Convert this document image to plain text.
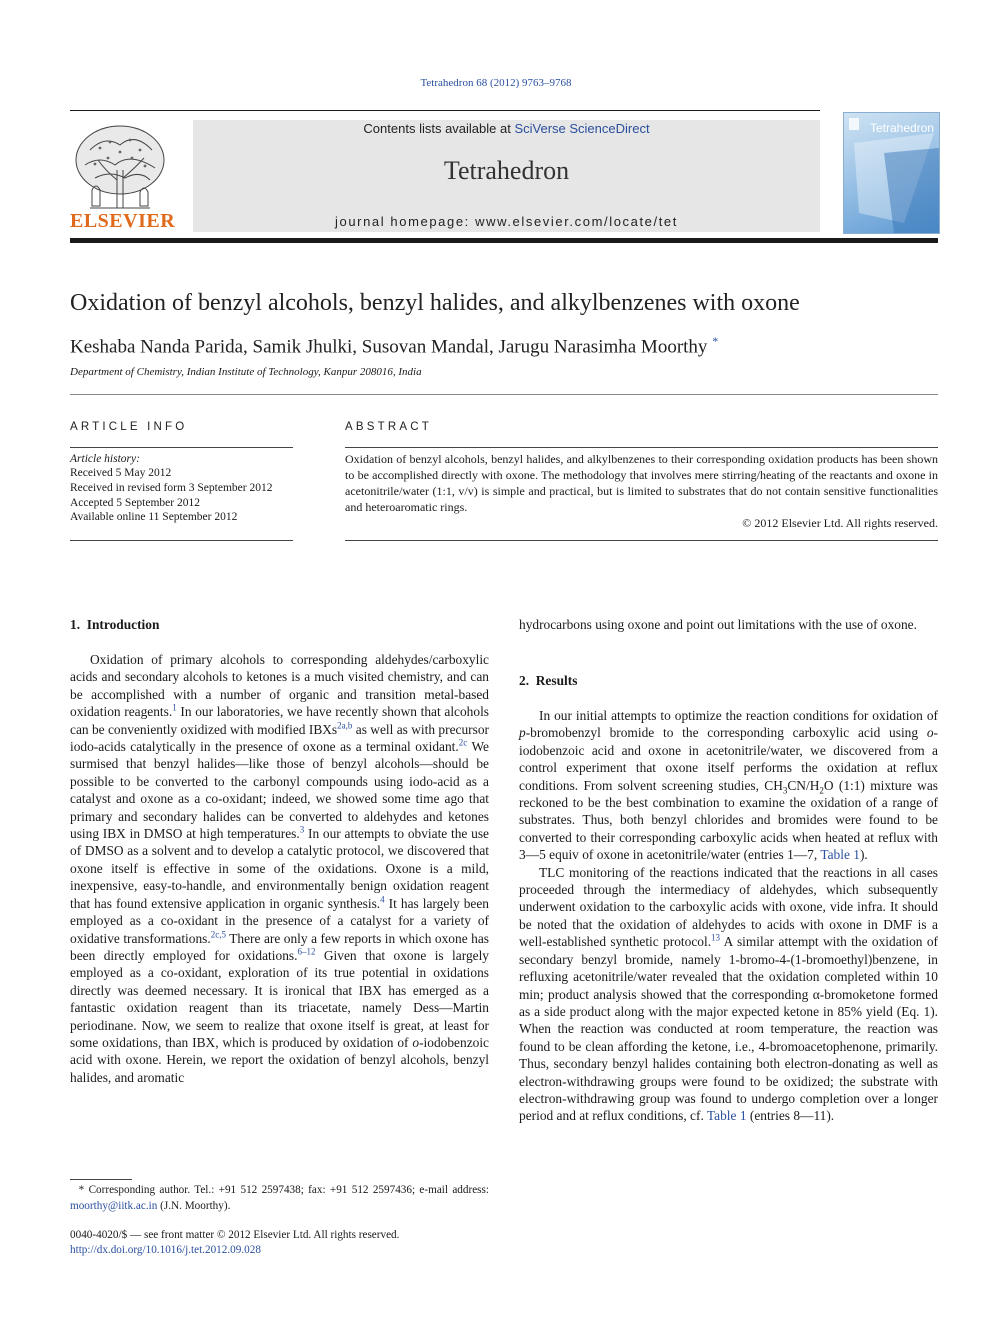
Tetrahedron 68 (2012) 9763–9768
ELSEVIER
Contents lists available at SciVerse ScienceDirect
Tetrahedron
journal homepage: www.elsevier.com/locate/tet
Tetrahedron
Oxidation of benzyl alcohols, benzyl halides, and alkylbenzenes with oxone
Keshaba Nanda Parida, Samik Jhulki, Susovan Mandal, Jarugu Narasimha Moorthy *
Department of Chemistry, Indian Institute of Technology, Kanpur 208016, India
ARTICLE INFO
Article history:
Received 5 May 2012
Received in revised form 3 September 2012
Accepted 5 September 2012
Available online 11 September 2012
ABSTRACT
Oxidation of benzyl alcohols, benzyl halides, and alkylbenzenes to their corresponding oxidation products has been shown to be accomplished directly with oxone. The methodology that involves mere stirring/heating of the reactants and oxone in acetonitrile/water (1:1, v/v) is simple and practical, but is limited to substrates that do not contain sensitive functionalities and heteroaromatic rings.
© 2012 Elsevier Ltd. All rights reserved.
1. Introduction

Oxidation of primary alcohols to corresponding aldehydes/carboxylic acids and secondary alcohols to ketones is a much visited chemistry, and can be accomplished with a number of organic and transition metal-based oxidation reagents.$^1$ In our laboratories, we have recently shown that alcohols can be conveniently oxidized with modified IBXs$^{2a,b}$ as well as with precursor iodo-acids catalytically in the presence of oxone as a terminal oxidant.$^{2c}$ We surmised that benzyl halides—like those of benzyl alcohols—should be possible to be converted to the carbonyl compounds using iodo-acid as a catalyst and oxone as a co-oxidant; indeed, we showed some time ago that primary and secondary halides can be converted to aldehydes and ketones using IBX in DMSO at high temperatures.$^3$ In our attempts to obviate the use of DMSO as a solvent and to develop a catalytic protocol, we discovered that oxone itself is effective in some of the oxidations. Oxone is a mild, inexpensive, easy-to-handle, and environmentally benign oxidation reagent that has found extensive application in organic synthesis.$^4$ It has largely been employed as a co-oxidant in the presence of a catalyst for a variety of oxidative transformations.$^{2c,5}$ There are only a few reports in which oxone has been directly employed for oxidations.$^{6-12}$ Given that oxone is largely employed as a co-oxidant, exploration of its true potential in oxidations directly was deemed necessary. It is ironical that IBX has emerged as a fantastic oxidation reagent than its triacetate, namely Dess—Martin periodinane. Now, we seem to realize that oxone itself is great, at least for some oxidations, than IBX, which is produced by oxidation of o-iodobenzoic acid with oxone. Herein, we report the oxidation of benzyl alcohols, benzyl halides, and aromatic

hydrocarbons using oxone and point out limitations with the use of oxone.

2. Results

In our initial attempts to optimize the reaction conditions for oxidation of p-bromobenzyl bromide to the corresponding carboxylic acid using o-iodobenzoic acid and oxone in acetonitrile/water, we discovered from a control experiment that oxone itself performs the oxidation at reflux conditions. From solvent screening studies, $CH_3CN/H_2O$ (1:1) mixture was reckoned to be the best combination to examine the oxidation of a range of substrates. Thus, both benzyl chlorides and bromides were found to be converted to their corresponding carboxylic acids when heated at reflux with 3—5 equiv of oxone in acetonitrile/water (entries 1—7, Table 1).

TLC monitoring of the reactions indicated that the reactions in all cases proceeded through the intermediacy of aldehydes, which subsequently underwent oxidation to the carboxylic acids with oxone, vide infra. It should be noted that the oxidation of aldehydes to acids with oxone in DMF is a well-established synthetic protocol.$^{13}$ A similar attempt with the oxidation of secondary benzyl bromide, namely 1-bromo-4-(1-bromoethyl)benzene, in refluxing acetonitrile/water revealed that the oxidation completed within 10 min; product analysis showed that the corresponding α-bromoketone formed as a side product along with the major expected ketone in 85% yield (Eq. 1). When the reaction was conducted at room temperature, the reaction was found to be clean affording the ketone, i.e., 4-bromoacetophenone, primarily. Thus, secondary benzyl halides containing both electron-donating as well as electron-withdrawing groups were found to be oxidized; the substrate with electron-withdrawing group was found to undergo completion over a longer period and at reflux conditions, cf. Table 1 (entries 8—11).

* Corresponding author. Tel.: +91 512 2597438; fax: +91 512 2597436; e-mail address: moorthy@iitk.ac.in (J.N. Moorthy).
0040-4020/$ — see front matter © 2012 Elsevier Ltd. All rights reserved.
http://dx.doi.org/10.1016/j.tet.2012.09.028
